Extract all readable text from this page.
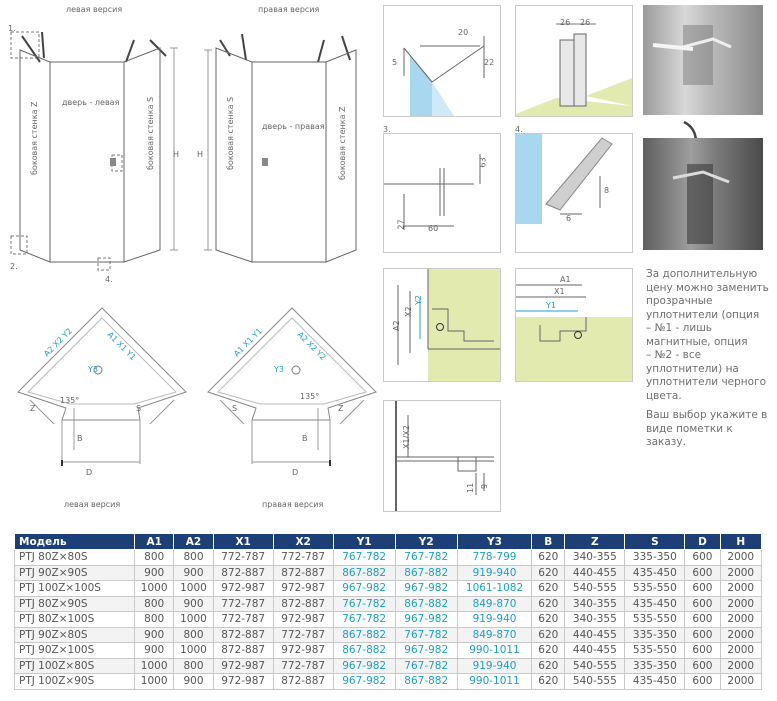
левая версия
1.
2.
4.
боковая стенка Z	дверь - левая	боковая стенка S H
правая версия
H	боковая стенка S	дверь - правая боковая стенка Z
A2 X2 Y2	A1 X1 Y1
Y3
135°
Z	S
B
D
левая версия
A1 X1 Y1	A2 X2 Y2
Y3
135°
S	Z
B
D
правая версия
20
22
5
26 26
63
27	60
3.
8
6
4.
A2
X2
Y2
A1
X1
Y1
X1/X2
11 9

За дополнительную цену можно заменить прозрачные уплотнители (опция

– №1 - лишь магнитные, опция

– №2 - все уплотнители) на уплотнители черного цвета.

Ваш выбор укажите в виде пометки к заказу.

Модель	A1	A2	X1	X2	Y1	Y2	Y3	B	Z	S	D	H
PTJ 80Z×80S	800	800	772-787	772-787	767-782	767-782	778-799	620	340-355	335-350	600	2000
PTJ 90Z×90S	900	900	872-887	872-887	867-882	867-882	919-940	620	440-455	435-450	600	2000
PTJ 100Z×100S	1000	1000	972-987	972-987	967-982	967-982	1061-1082	620	540-555	535-550	600	2000
PTJ 80Z×90S	800	900	772-787	872-887	767-782	867-882	849-870	620	340-355	435-450	600	2000
PTJ 80Z×100S	800	1000	772-787	972-987	767-782	967-982	919-940	620	340-355	535-550	600	2000
PTJ 90Z×80S	900	800	872-887	772-787	867-882	767-782	849-870	620	440-455	335-350	600	2000
PTJ 90Z×100S	900	1000	872-887	972-987	867-882	967-982	990-1011	620	440-455	535-550	600	2000
PTJ 100Z×80S	1000	800	972-987	772-787	967-982	767-782	919-940	620	540-555	335-350	600	2000
PTJ 100Z×90S	1000	900	972-987	872-887	967-982	867-882	990-1011	620	540-555	435-450	600	2000
